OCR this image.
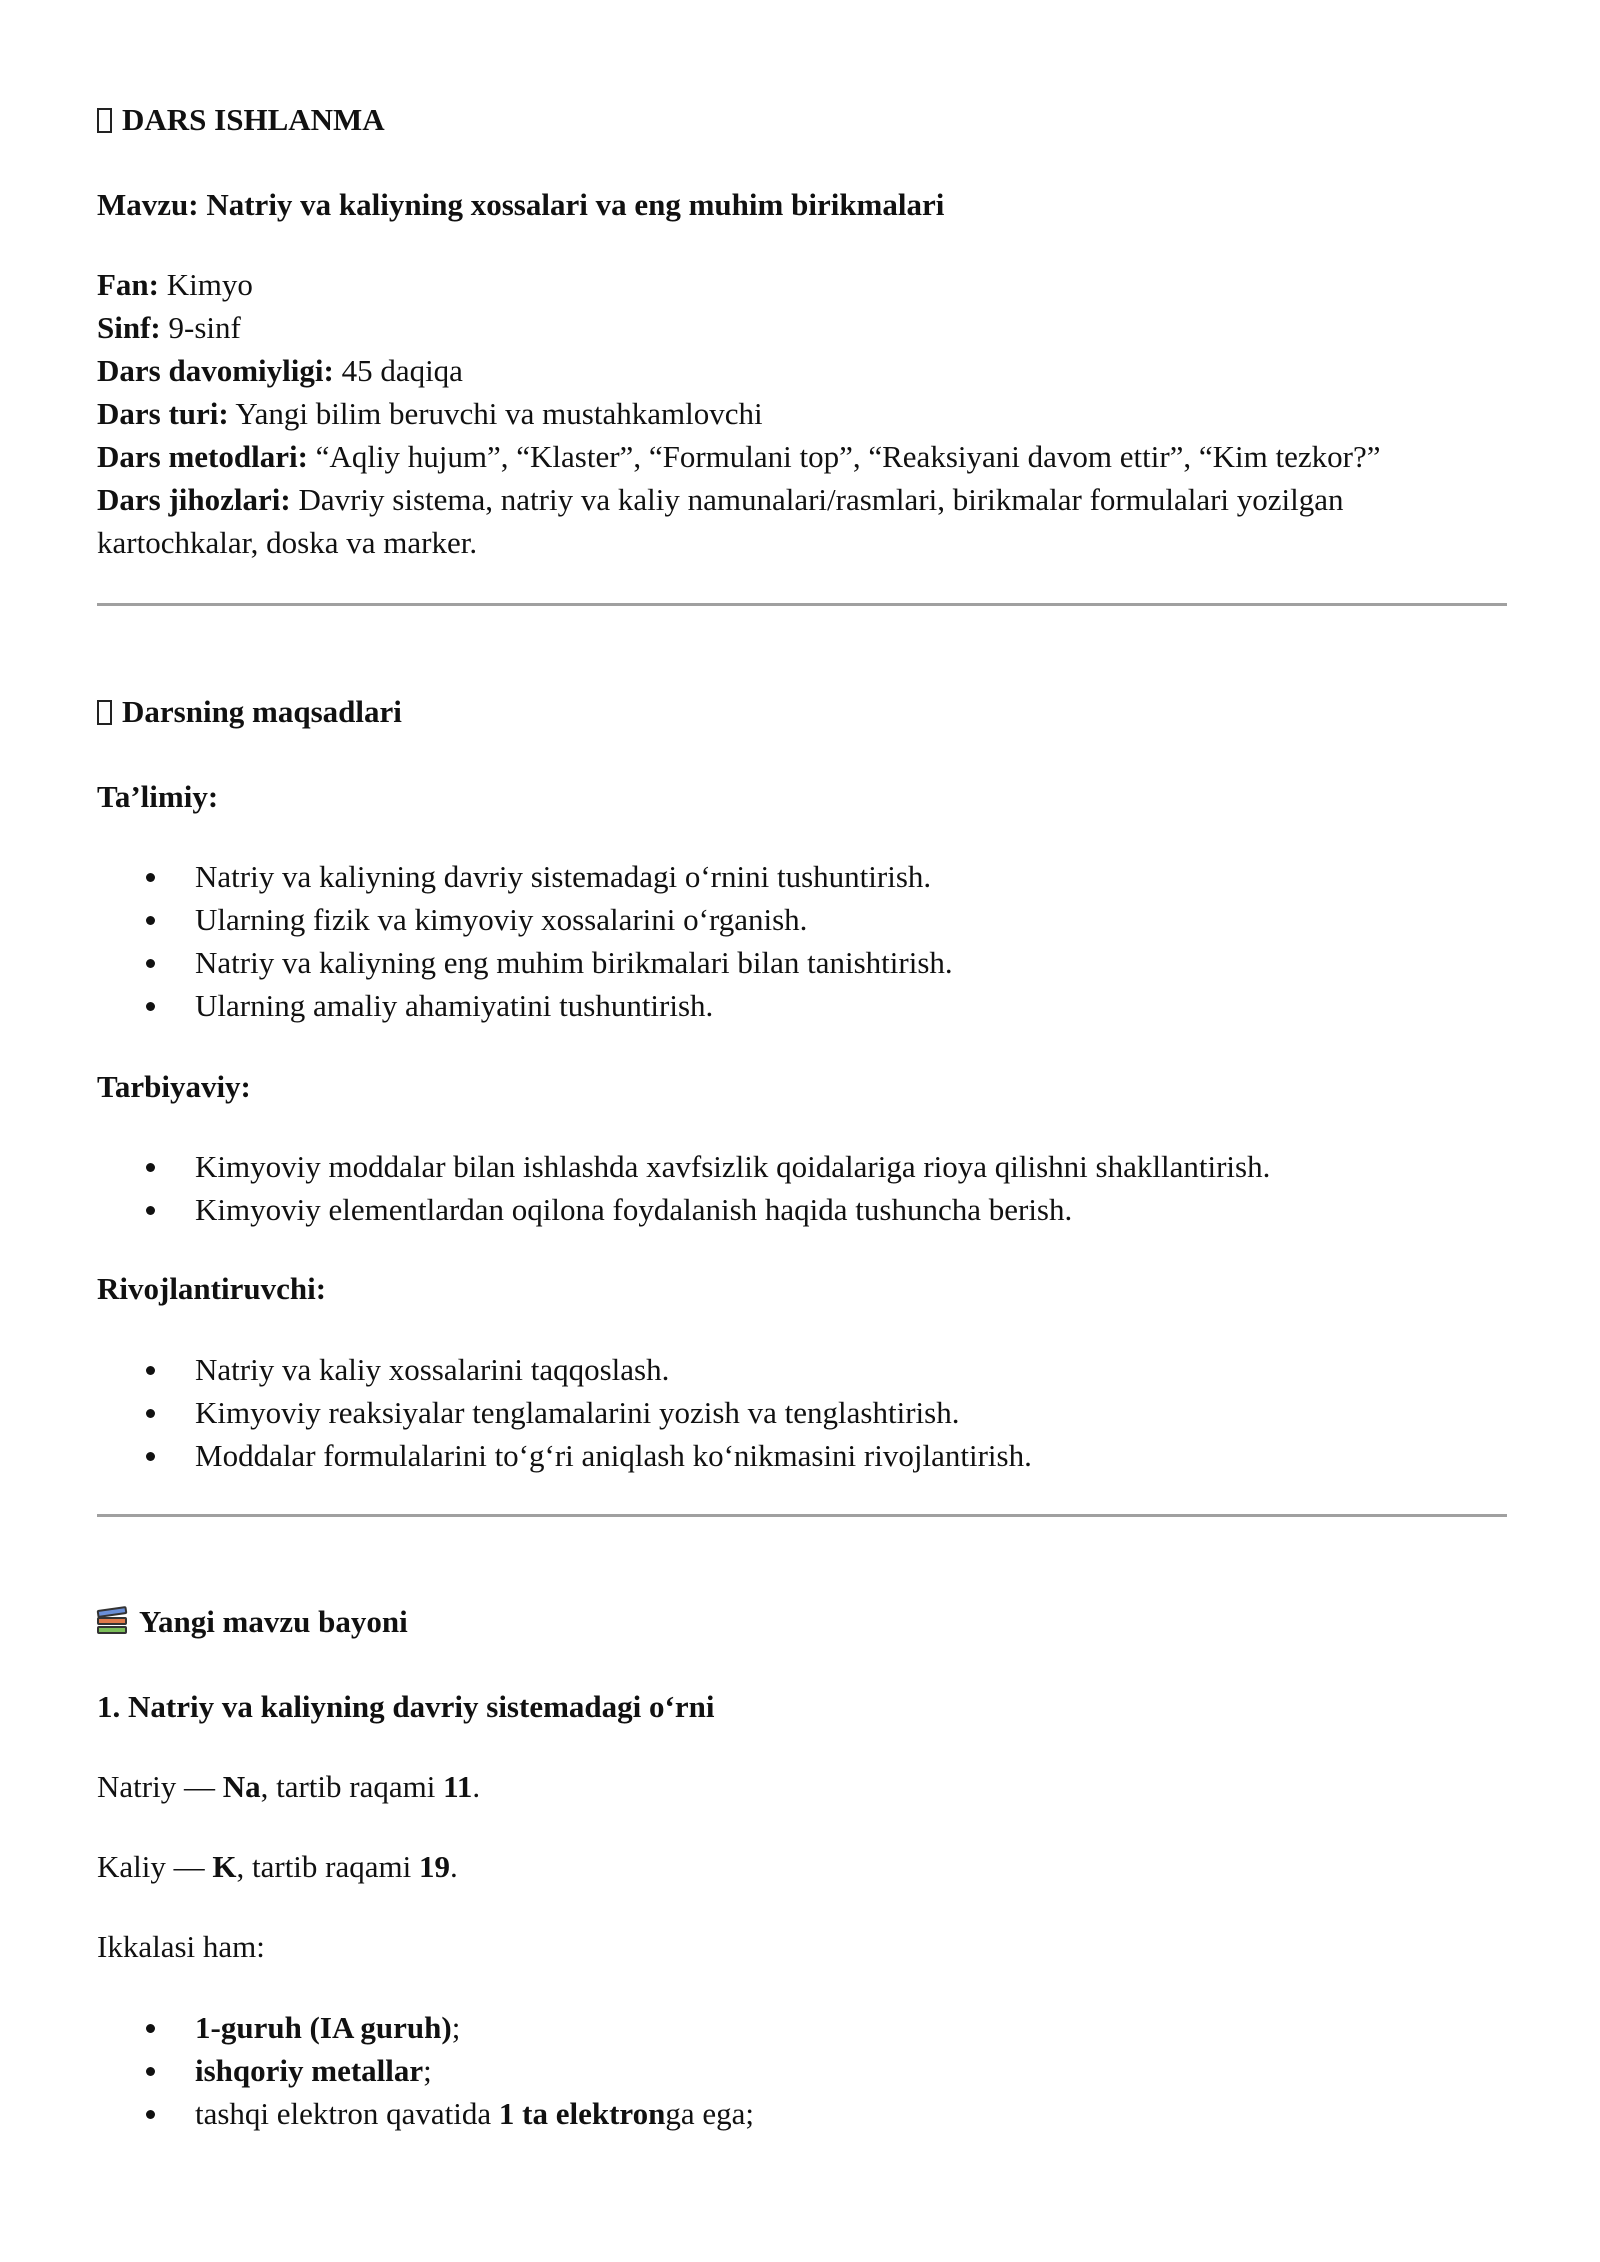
DARS ISHLANMA

Mavzu: Natriy va kaliyning xossalari va eng muhim birikmalari

Fan: Kimyo

Sinf: 9-sinf

Dars davomiyligi: 45 daqiqa

Dars turi: Yangi bilim beruvchi va mustahkamlovchi

Dars metodlari: “Aqliy hujum”, “Klaster”, “Formulani top”, “Reaksiyani davom ettir”, “Kim tezkor?”

Dars jihozlari: Davriy sistema, natriy va kaliy namunalari/rasmlari, birikmalar formulalari yozilgan

kartochkalar, doska va marker.

Darsning maqsadlari

Ta’limiy:

Natriy va kaliyning davriy sistemadagi o‘rnini tushuntirish.
Ularning fizik va kimyoviy xossalarini o‘rganish.
Natriy va kaliyning eng muhim birikmalari bilan tanishtirish.
Ularning amaliy ahamiyatini tushuntirish.

Tarbiyaviy:

Kimyoviy moddalar bilan ishlashda xavfsizlik qoidalariga rioya qilishni shakllantirish.
Kimyoviy elementlardan oqilona foydalanish haqida tushuncha berish.

Rivojlantiruvchi:

Natriy va kaliy xossalarini taqqoslash.
Kimyoviy reaksiyalar tenglamalarini yozish va tenglashtirish.
Moddalar formulalarini to‘g‘ri aniqlash ko‘nikmasini rivojlantirish.

Yangi mavzu bayoni

1. Natriy va kaliyning davriy sistemadagi o‘rni

Natriy — Na, tartib raqami 11.

Kaliy — K, tartib raqami 19.

Ikkalasi ham:

1-guruh (IA guruh);
ishqoriy metallar;
tashqi elektron qavatida 1 ta elektronga ega;
